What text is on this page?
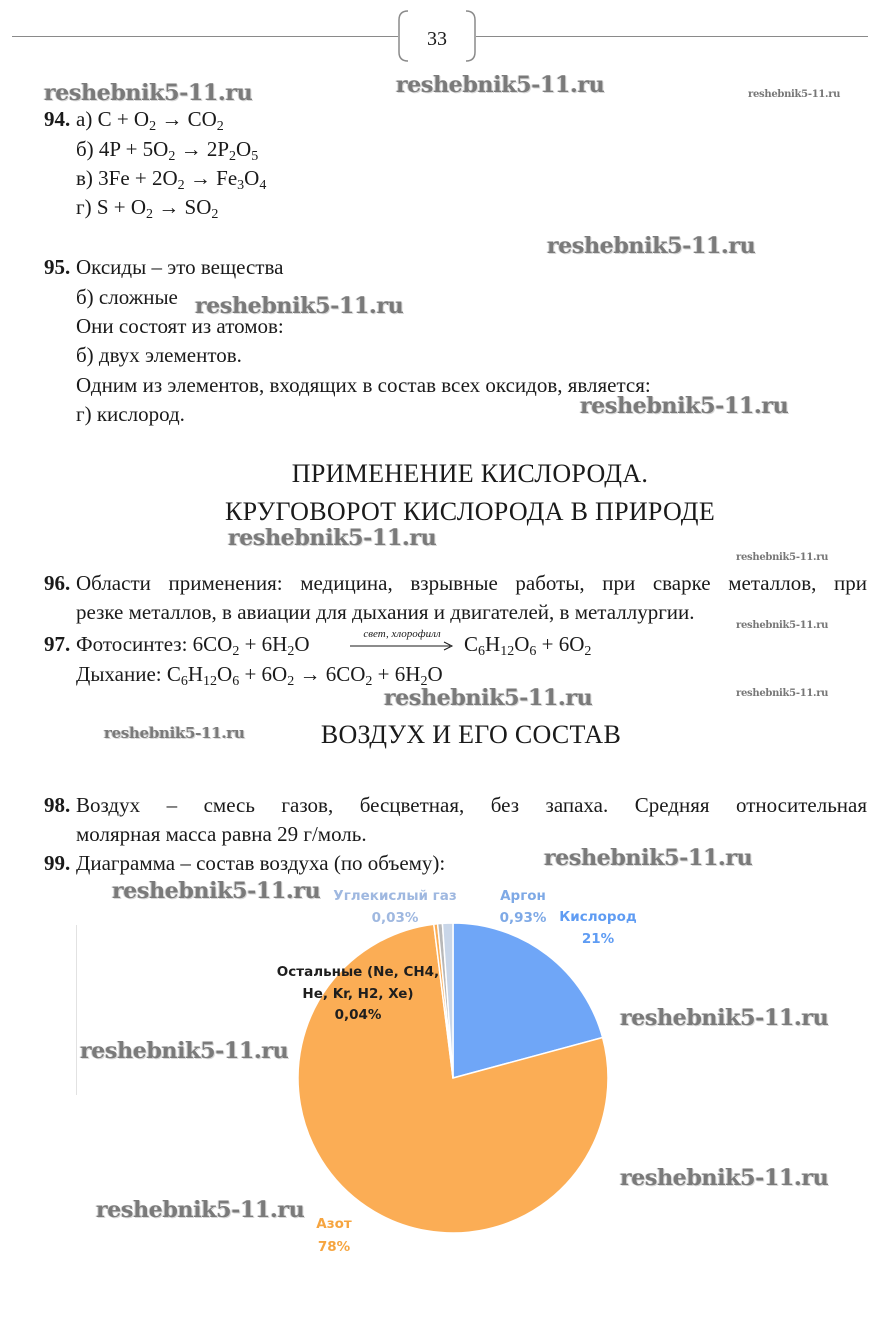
33
reshebnik5-11.ru	reshebnik5-11.ru	reshebnik5-11.ru
reshebnik5-11.ru
reshebnik5-11.ru
reshebnik5-11.ru
reshebnik5-11.ru
reshebnik5-11.ru
reshebnik5-11.ru
reshebnik5-11.ru	reshebnik5-11.ru
reshebnik5-11.ru
reshebnik5-11.ru
reshebnik5-11.ru
reshebnik5-11.ru
reshebnik5-11.ru
reshebnik5-11.ru
reshebnik5-11.ru
94. а) $C + O_2 \to CO_2$
б) $4P + 5O_2 \to 2P_2O_5$
в) $3Fe + 2O_2 \to Fe_3O_4$
г) $S + O_2 \to SO_2$
95. Оксиды – это вещества
б) сложные
Они состоят из атомов:
б) двух элементов.
Одним из элементов, входящих в состав всех оксидов, является:
г) кислород.
ПРИМЕНЕНИЕ КИСЛОРОДА.
КРУГОВОРОТ КИСЛОРОДА В ПРИРОДЕ
96. Области применения: медицина, взрывные работы, при сварке металлов, при
резке металлов, в авиации для дыхания и двигателей, в металлургии.
97. Фотосинтез: $6CO_2 + 6H_2O$	свет, хлорофилл	$C_6H_{12}O_6 + 6O_2$
Дыхание: $C_6H_{12}O_6 + 6O_2 \to 6CO_2 + 6H_2O$
ВОЗДУХ И ЕГО СОСТАВ
98. Воздух – смесь газов, бесцветная, без запаха. Средняя относительная
молярная масса равна 29 г/моль.
99. Диаграмма – состав воздуха (по объему):
Кислород
21%
Азот
78%
Остальные (Ne, CH4,
He, Kr, H2, Xe)
0,04%
Углекислый газ
0,03%
Аргон
0,93%
